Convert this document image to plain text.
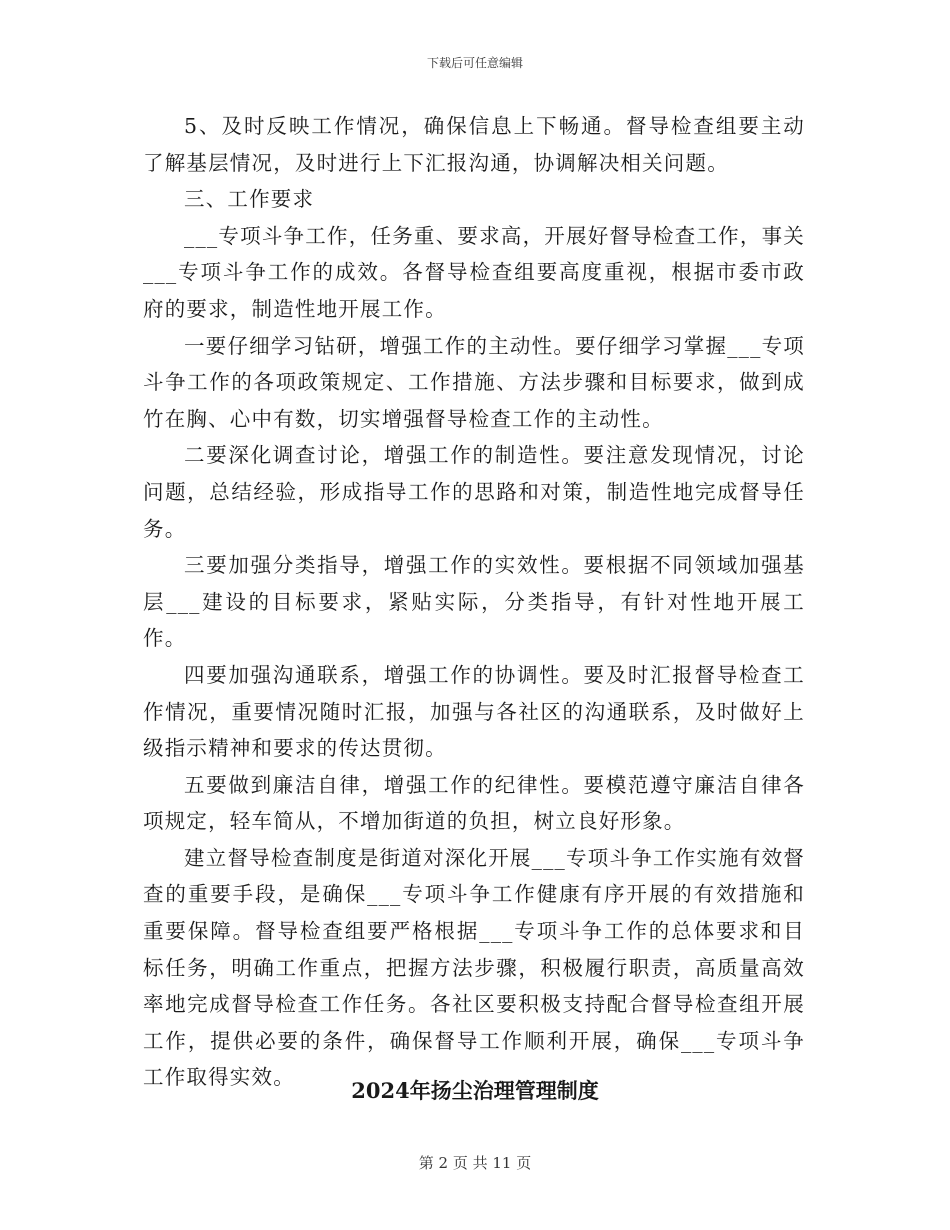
下载后可任意编辑

5、及时反映工作情况，确保信息上下畅通。督导检查组要主动了解基层情况，及时进行上下汇报沟通，协调解决相关问题。

三、工作要求

___专项斗争工作，任务重、要求高，开展好督导检查工作，事关___专项斗争工作的成效。各督导检查组要高度重视，根据市委市政府的要求，制造性地开展工作。

一要仔细学习钻研，增强工作的主动性。要仔细学习掌握___专项斗争工作的各项政策规定、工作措施、方法步骤和目标要求，做到成竹在胸、心中有数，切实增强督导检查工作的主动性。

二要深化调查讨论，增强工作的制造性。要注意发现情况，讨论问题，总结经验，形成指导工作的思路和对策，制造性地完成督导任务。

三要加强分类指导，增强工作的实效性。要根据不同领域加强基层___建设的目标要求，紧贴实际，分类指导，有针对性地开展工作。

四要加强沟通联系，增强工作的协调性。要及时汇报督导检查工作情况，重要情况随时汇报，加强与各社区的沟通联系，及时做好上级指示精神和要求的传达贯彻。

五要做到廉洁自律，增强工作的纪律性。要模范遵守廉洁自律各项规定，轻车简从，不增加街道的负担，树立良好形象。

建立督导检查制度是街道对深化开展___专项斗争工作实施有效督查的重要手段，是确保___专项斗争工作健康有序开展的有效措施和重要保障。督导检查组要严格根据___专项斗争工作的总体要求和目标任务，明确工作重点，把握方法步骤，积极履行职责，高质量高效率地完成督导检查工作任务。各社区要积极支持配合督导检查组开展工作，提供必要的条件，确保督导工作顺利开展，确保___专项斗争工作取得实效。

2024年扬尘治理管理制度
第 2 页 共 11 页
